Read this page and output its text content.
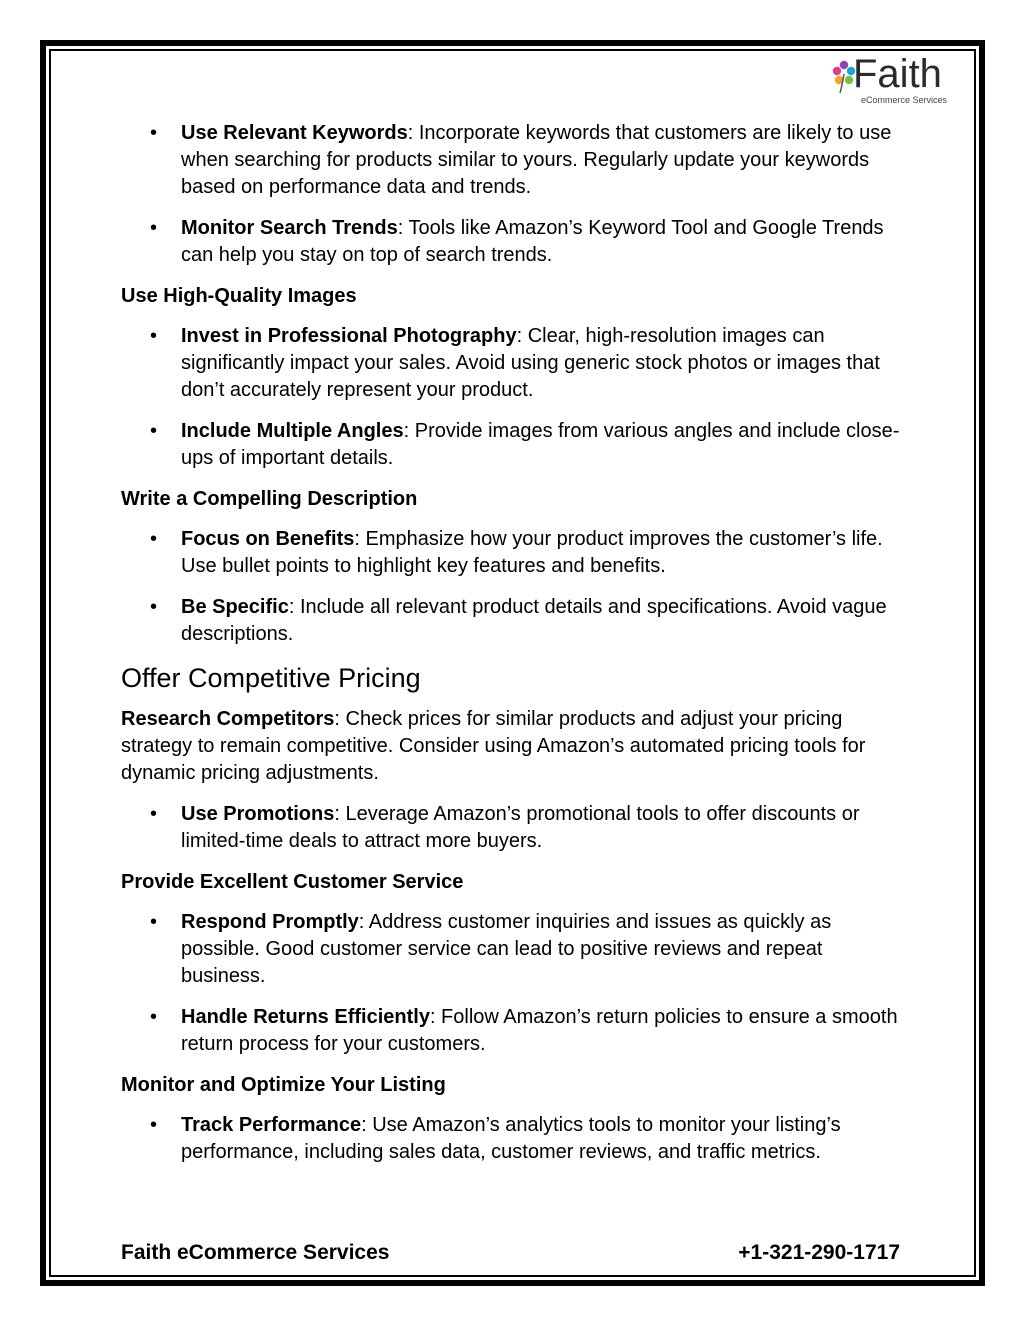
Faith
eCommerce Services
• Use Relevant Keywords: Incorporate keywords that customers are likely to use when searching for products similar to yours. Regularly update your keywords based on performance data and trends.
• Monitor Search Trends: Tools like Amazon’s Keyword Tool and Google Trends can help you stay on top of search trends.
Use High-Quality Images
• Invest in Professional Photography: Clear, high-resolution images can significantly impact your sales. Avoid using generic stock photos or images that don’t accurately represent your product.
• Include Multiple Angles: Provide images from various angles and include close-ups of important details.
Write a Compelling Description
• Focus on Benefits: Emphasize how your product improves the customer’s life. Use bullet points to highlight key features and benefits.
• Be Specific: Include all relevant product details and specifications. Avoid vague descriptions.
Offer Competitive Pricing
Research Competitors: Check prices for similar products and adjust your pricing strategy to remain competitive. Consider using Amazon’s automated pricing tools for dynamic pricing adjustments.
• Use Promotions: Leverage Amazon’s promotional tools to offer discounts or limited-time deals to attract more buyers.
Provide Excellent Customer Service
• Respond Promptly: Address customer inquiries and issues as quickly as possible. Good customer service can lead to positive reviews and repeat business.
• Handle Returns Efficiently: Follow Amazon’s return policies to ensure a smooth return process for your customers.
Monitor and Optimize Your Listing
• Track Performance: Use Amazon’s analytics tools to monitor your listing’s performance, including sales data, customer reviews, and traffic metrics.
Faith eCommerce Services	+1-321-290-1717
